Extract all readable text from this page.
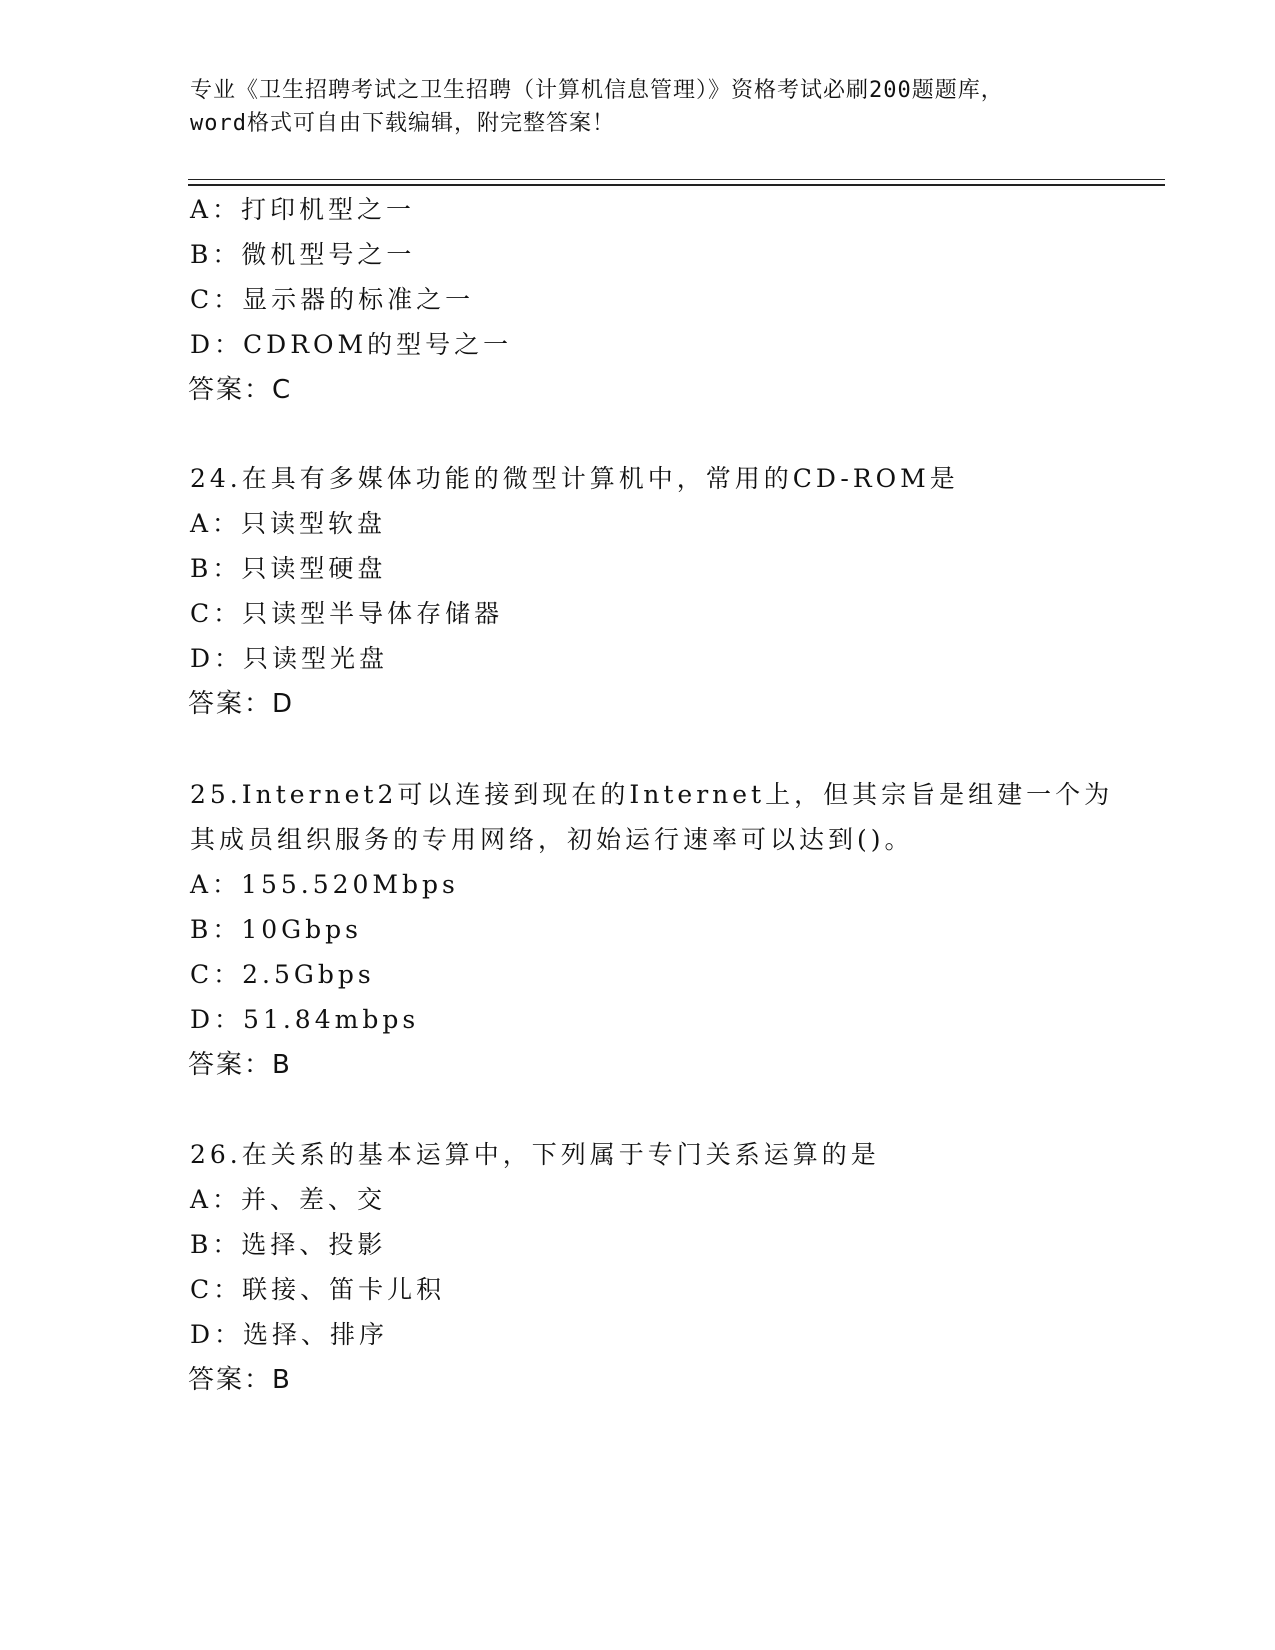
专业《卫生招聘考试之卫生招聘（计算机信息管理）》资格考试必刷200题题库，
word格式可自由下载编辑，附完整答案！
A：打印机型之一
B：微机型号之一
C：显示器的标准之一
D：CDROM的型号之一
答案：C
24.在具有多媒体功能的微型计算机中，常用的CD-ROM是
A：只读型软盘
B：只读型硬盘
C：只读型半导体存储器
D：只读型光盘
答案：D
25.Internet2可以连接到现在的Internet上，但其宗旨是组建一个为
其成员组织服务的专用网络，初始运行速率可以达到()。
A：155.520Mbps
B：10Gbps
C：2.5Gbps
D：51.84mbps
答案：B
26.在关系的基本运算中，下列属于专门关系运算的是
A：并、差、交
B：选择、投影
C：联接、笛卡儿积
D：选择、排序
答案：B
